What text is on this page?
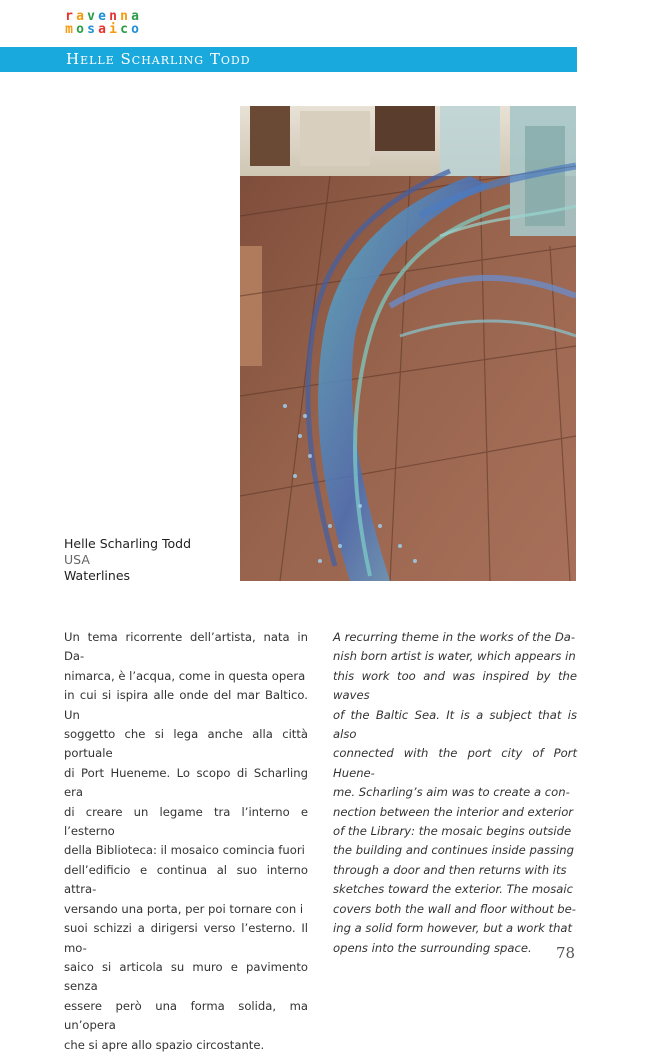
r a v e n n a
m o s a i c o
Helle Scharling Todd
Helle Scharling Todd
USA
Waterlines

Un tema ricorrente dell’artista, nata in Da-
nimarca, è l’acqua, come in questa opera
in cui si ispira alle onde del mar Baltico. Un
soggetto che si lega anche alla città portuale
di Port Hueneme. Lo scopo di Scharling era
di creare un legame tra l’interno e l’esterno
della Biblioteca: il mosaico comincia fuori
dell’edificio e continua al suo interno attra-
versando una porta, per poi tornare con i
suoi schizzi a dirigersi verso l’esterno. Il mo-
saico si articola su muro e pavimento senza
essere però una forma solida, ma un’opera
che si apre allo spazio circostante.

A recurring theme in the works of the Da-
nish born artist is water, which appears in
this work too and was inspired by the waves
of the Baltic Sea. It is a subject that is also
connected with the port city of Port Huene-
me. Scharling’s aim was to create a con-
nection between the interior and exterior
of the Library: the mosaic begins outside
the building and continues inside passing
through a door and then returns with its
sketches toward the exterior. The mosaic
covers both the wall and floor without be-
ing a solid form however, but a work that
opens into the surrounding space.	78
